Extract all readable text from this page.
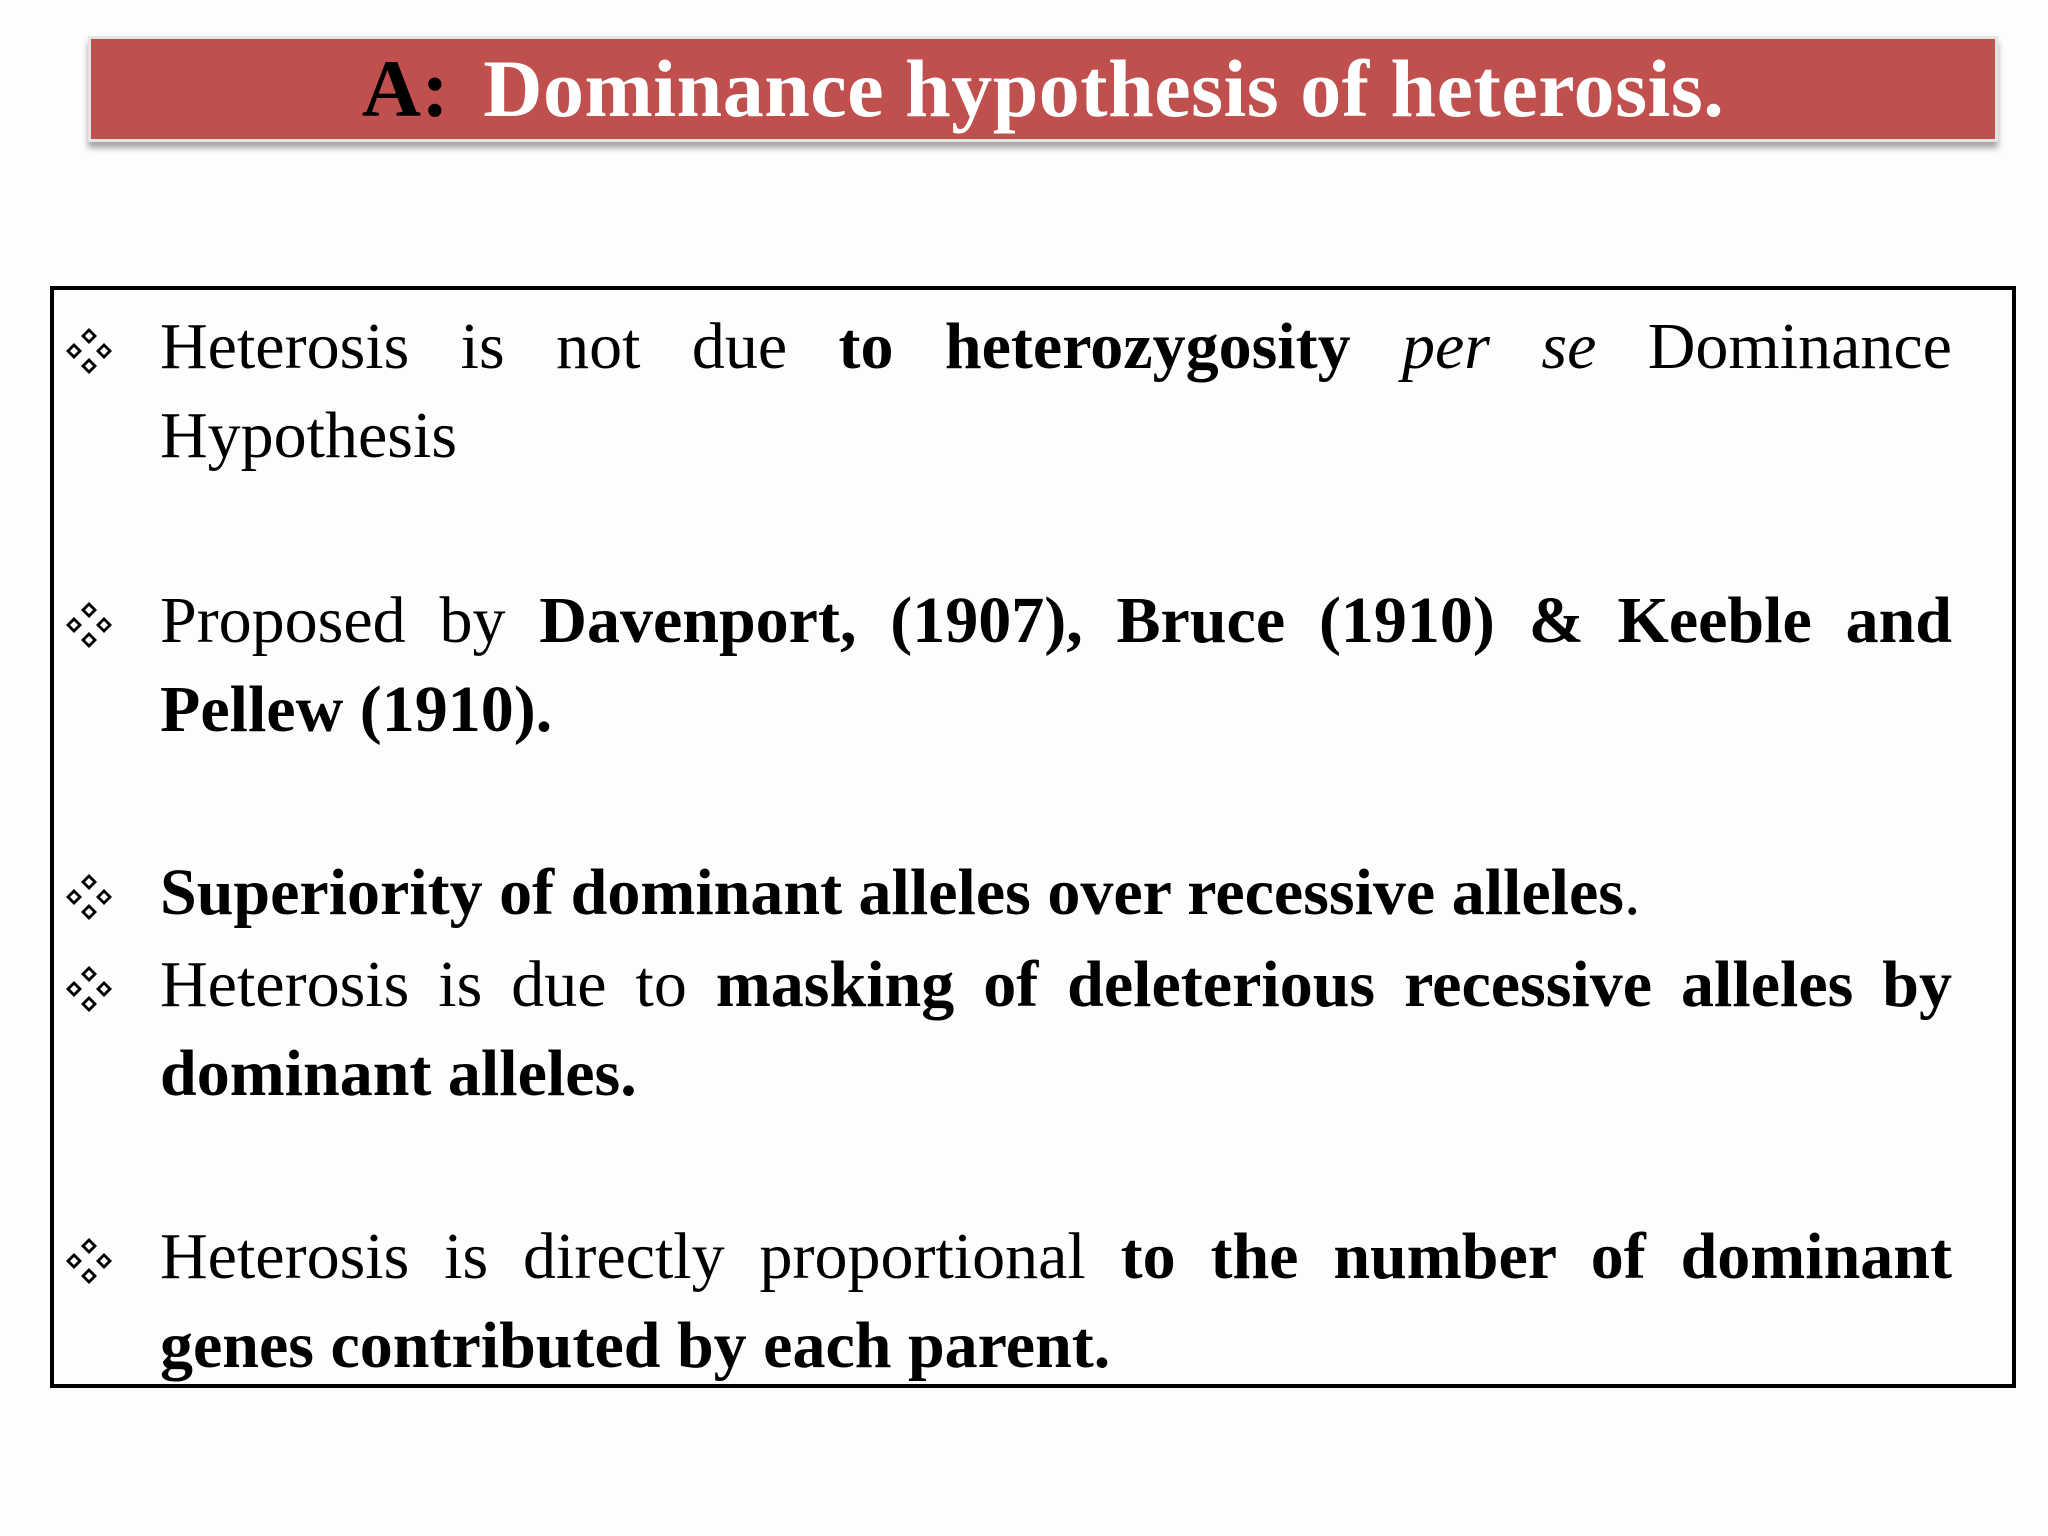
A: Dominance hypothesis of heterosis.
Heterosis is not due to heterozygosity per se Dominance Hypothesis
Proposed by Davenport, (1907), Bruce (1910) & Keeble and Pellew (1910).
Superiority of dominant alleles over recessive alleles.
Heterosis is due to masking of deleterious recessive alleles by dominant alleles.
Heterosis is directly proportional to the number of dominant genes contributed by each parent.
